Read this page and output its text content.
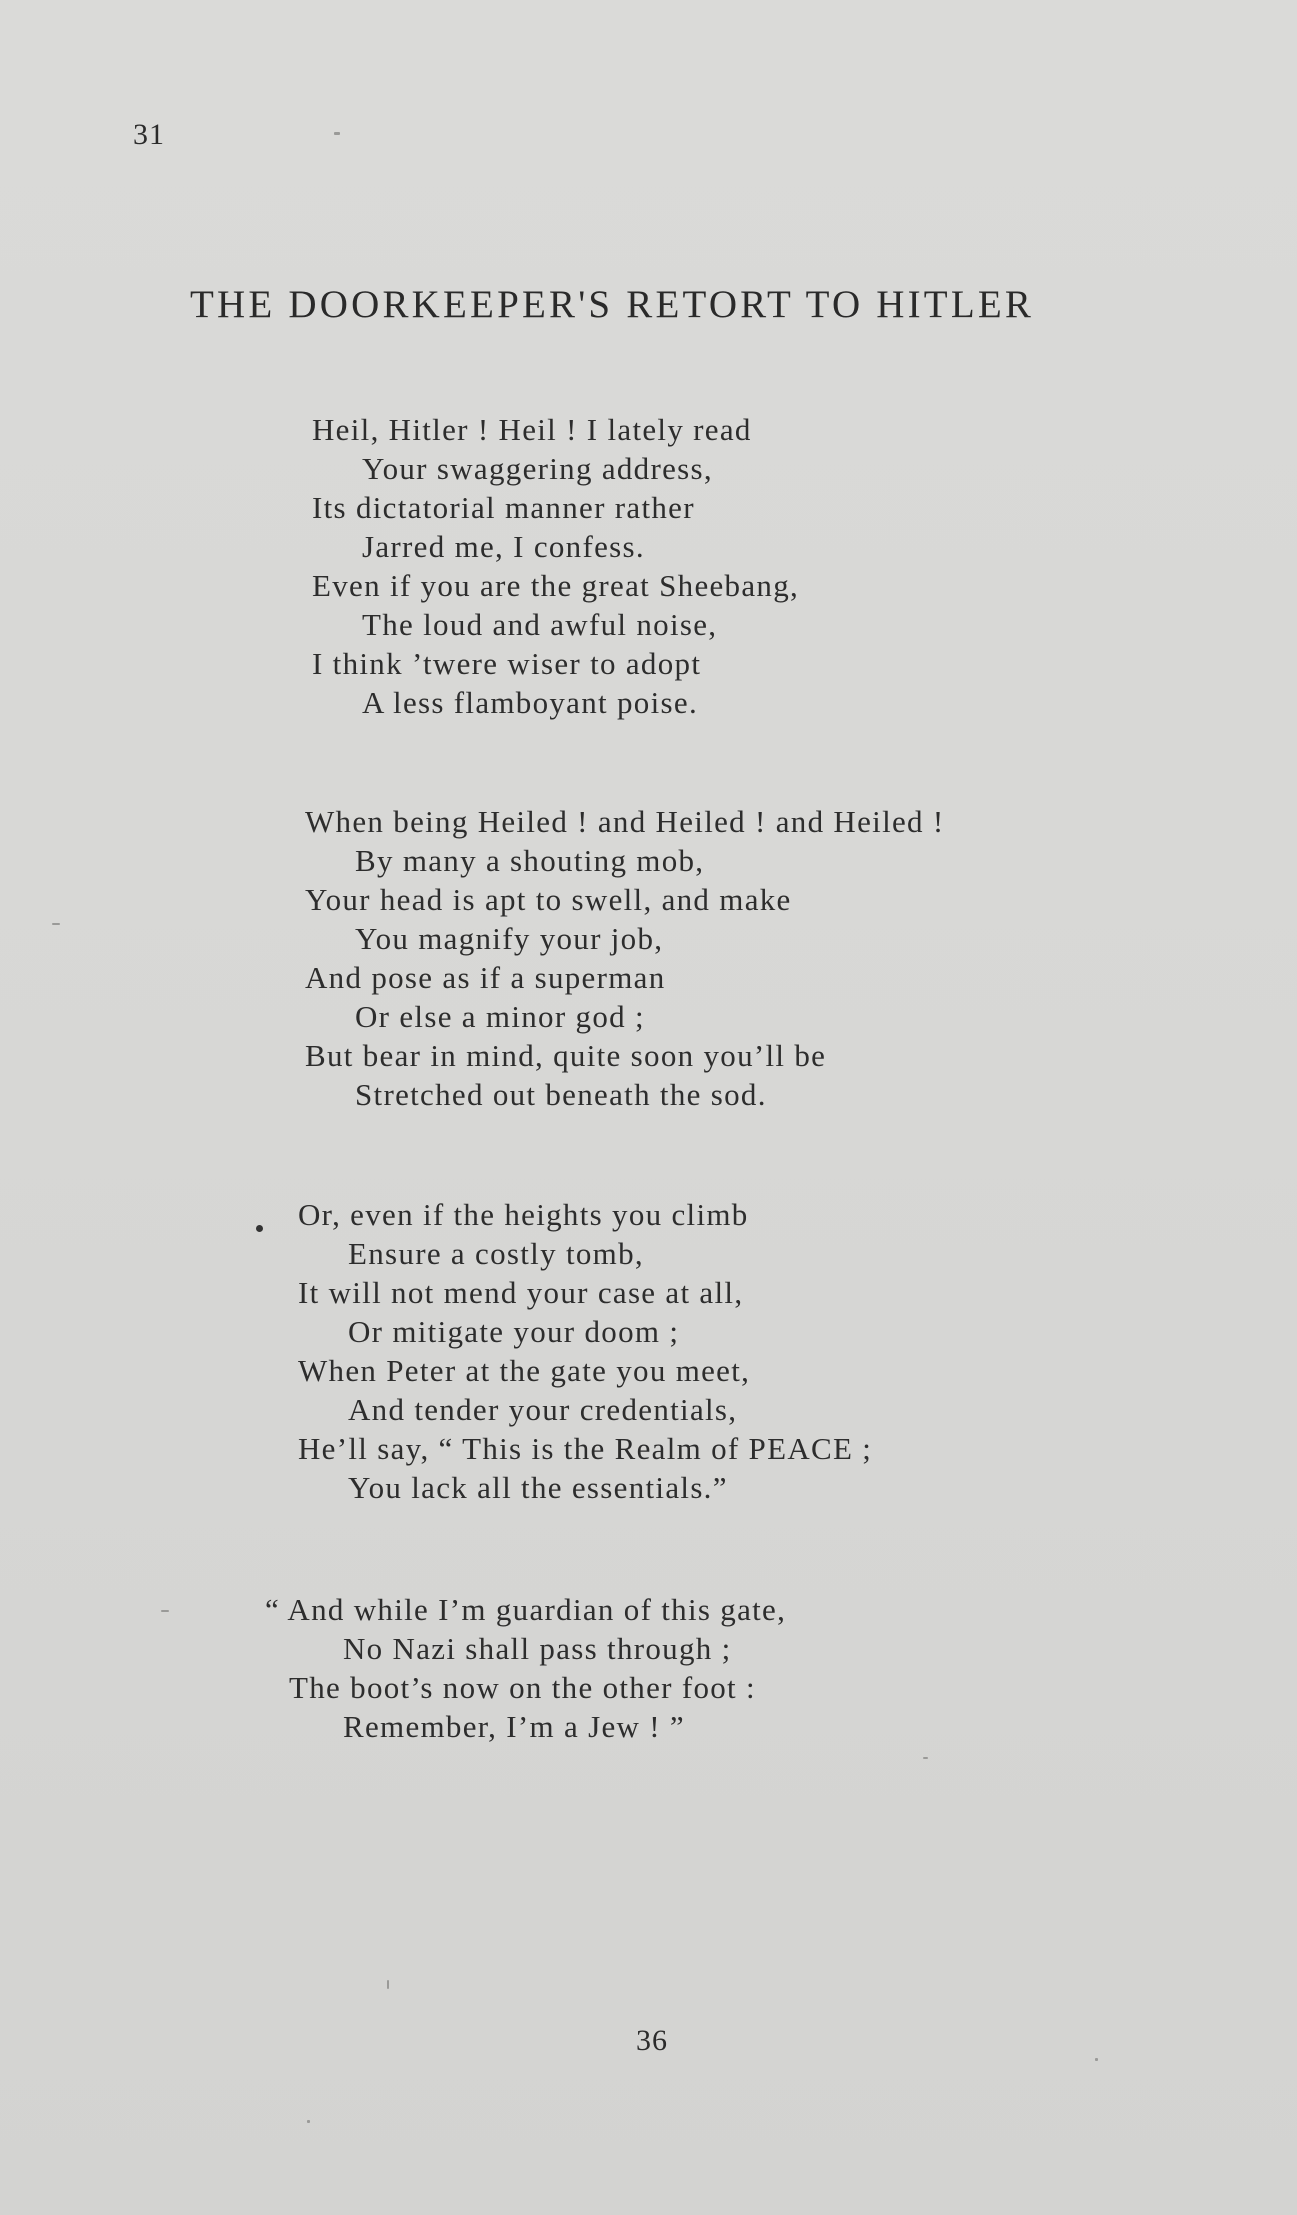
31
THE DOORKEEPER'S RETORT TO HITLER
Heil, Hitler ! Heil ! I lately read
Your swaggering address,
Its dictatorial manner rather
Jarred me, I confess.
Even if you are the great Sheebang,
The loud and awful noise,
I think ’twere wiser to adopt
A less flamboyant poise.
When being Heiled ! and Heiled ! and Heiled !
By many a shouting mob,
Your head is apt to swell, and make
You magnify your job,
And pose as if a superman
Or else a minor god ;
But bear in mind, quite soon you’ll be
Stretched out beneath the sod.
Or, even if the heights you climb
Ensure a costly tomb,
It will not mend your case at all,
Or mitigate your doom ;
When Peter at the gate you meet,
And tender your credentials,
He’ll say, “ This is the Realm of PEACE ;
You lack all the essentials.”
“ And while I’m guardian of this gate,
No Nazi shall pass through ;
The boot’s now on the other foot :
Remember, I’m a Jew ! ”
36
